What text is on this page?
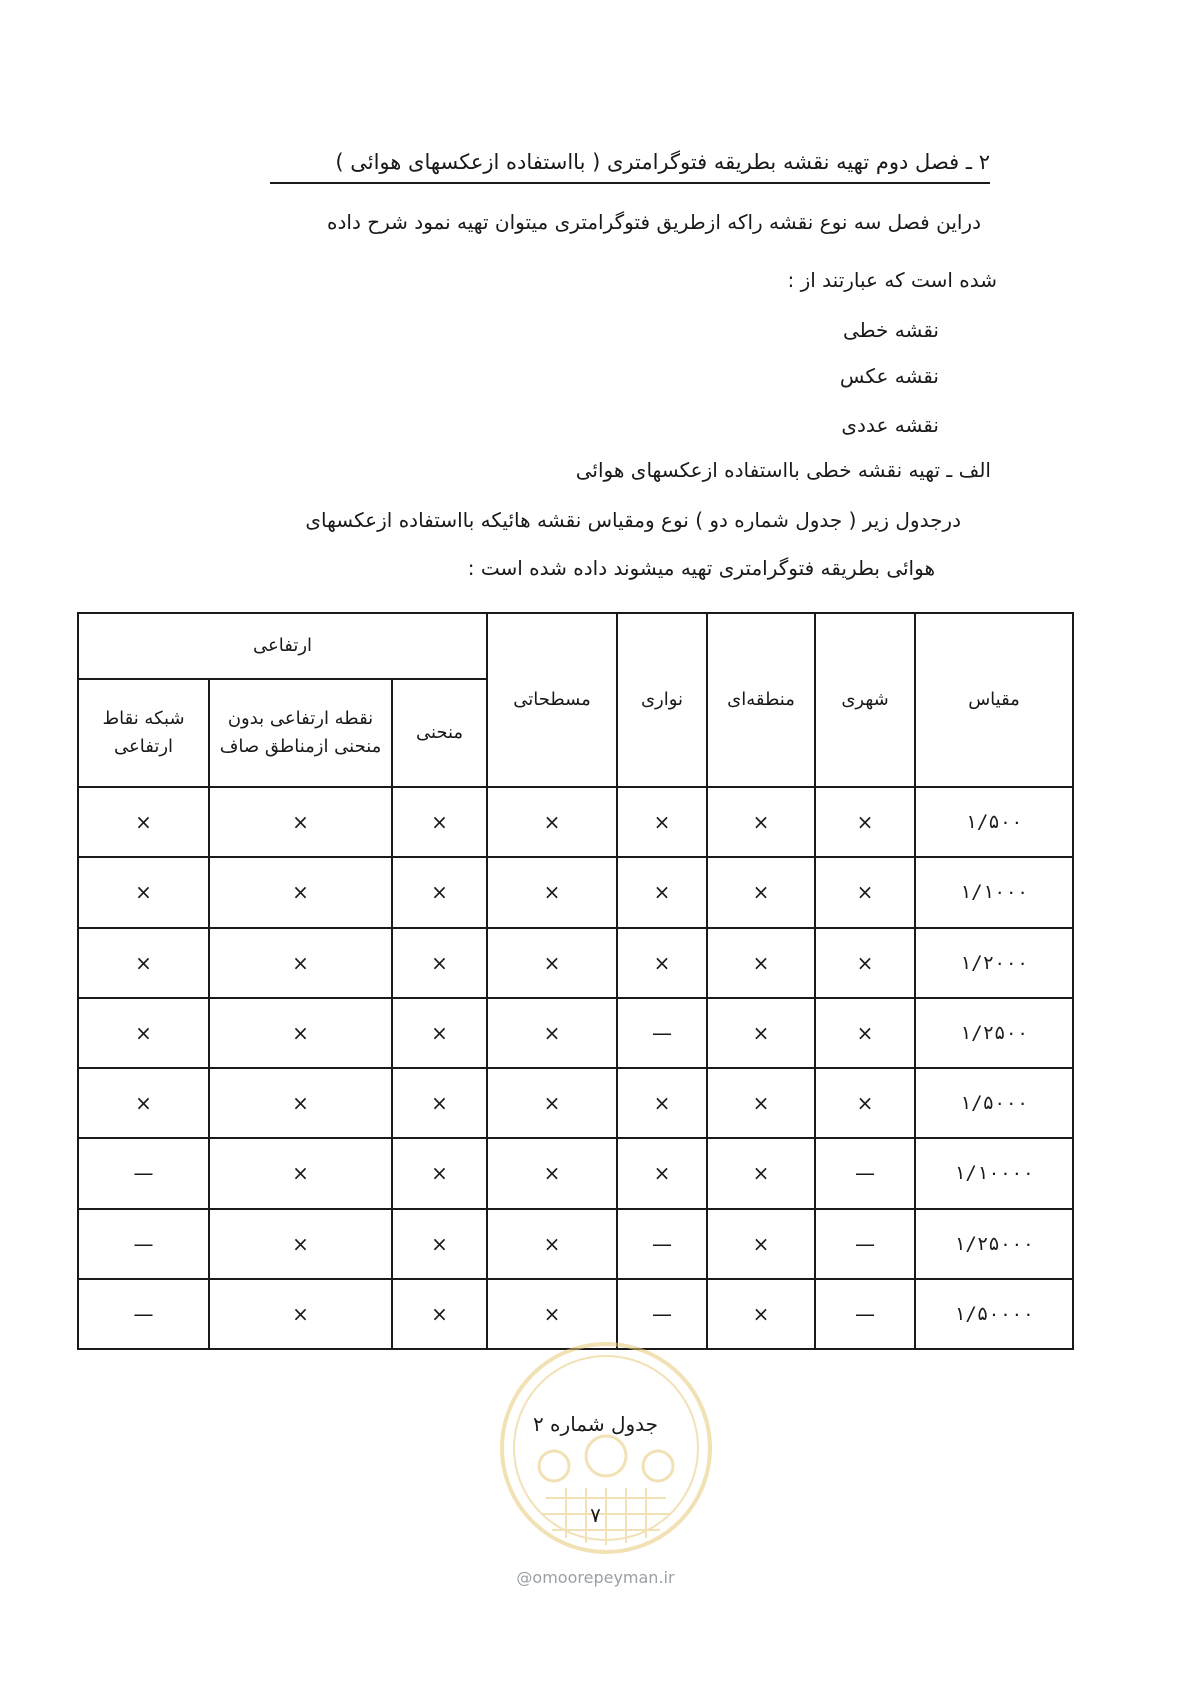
۲ ـ فصل دوم تهیه نقشه بطریقه فتوگرامتری ( بااستفاده ازعکسهای هوائی )
دراین فصل سه نوع نقشه راکه ازطریق فتوگرامتری میتوان تهیه نمود شرح داده
شده است که عبارتند از :
نقشه خطی
نقشه عکس
نقشه عددی
الف ـ تهیه نقشه خطی بااستفاده ازعکسهای هوائی
درجدول زیر ( جدول شماره دو ) نوع ومقیاس نقشه هائیکه بااستفاده ازعکسهای
هوائی بطریقه فتوگرامتری تهیه میشوند داده شده است :
مقیاس	شهری	منطقه‌ای	نواری	مسطحاتی	ارتفاعی		
					منحنی	نقطه ارتفاعی بدون منحنی ازمناطق صاف	شبکه نقاط ارتفاعی
۱/۵۰۰	×	×	×	×	×	×	×
۱/۱۰۰۰	×	×	×	×	×	×	×
۱/۲۰۰۰	×	×	×	×	×	×	×
۱/۲۵۰۰	×	×	—	×	×	×	×
۱/۵۰۰۰	×	×	×	×	×	×	×
۱/۱۰۰۰۰	—	×	×	×	×	×	—
۱/۲۵۰۰۰	—	×	—	×	×	×	—
۱/۵۰۰۰۰	—	×	—	×	×	×	—
جدول شماره ۲
۷
@omoorepeyman.ir
